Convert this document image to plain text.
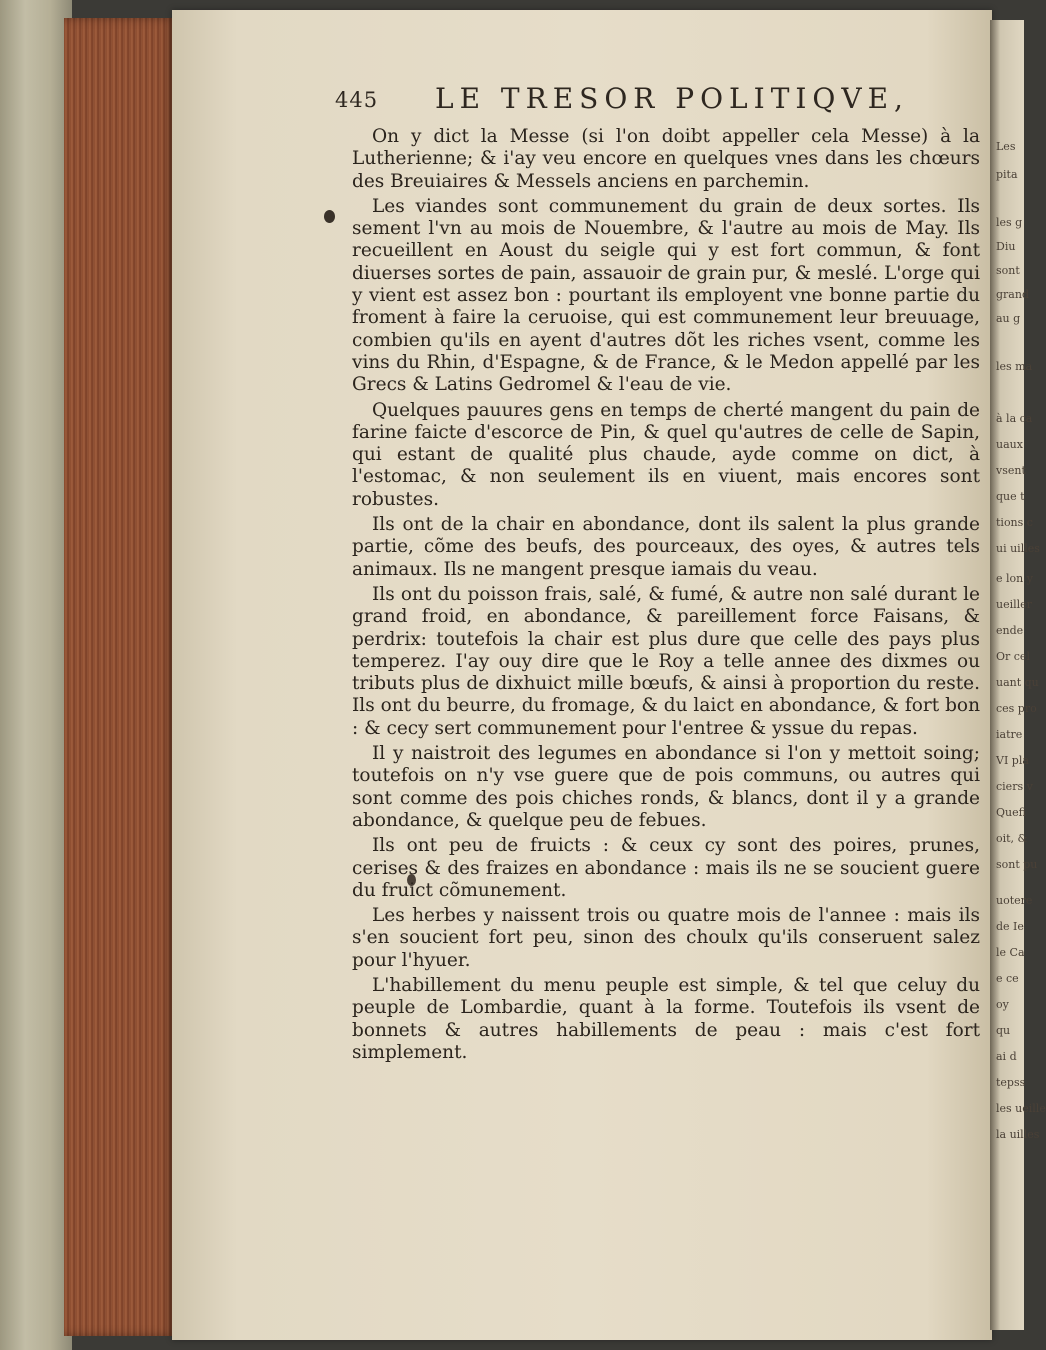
Les
pita
les g
Diu
sont
grand
au g
les ma
à la ca
uaux
vsent
que t
tions c
ui uilles
e lon y
ueiller
ende
Or cel
uant qu
ces pro
iatre
VI pla
ciers v
Quefi
oit, &
sont pu
uotere
de Ie
le Ca
e ce
oy
qu
ai d
tepss
les ueille
la uilles
445 LE TRESOR POLITIQVE,

On y dict la Messe (si l'on doibt appeller cela Messe) à la Lutherienne; & i'ay veu encore en quelques vnes dans les chœurs des Breuiaires & Messels anciens en parchemin.

Les viandes sont communement du grain de deux sortes. Ils sement l'vn au mois de Nouembre, & l'autre au mois de May. Ils recueillent en Aoust du seigle qui y est fort commun, & font diuerses sortes de pain, assauoir de grain pur, & meslé. L'orge qui y vient est assez bon : pourtant ils employent vne bonne partie du froment à faire la ceruoise, qui est communement leur breuuage, combien qu'ils en ayent d'autres dõt les riches vsent, comme les vins du Rhin, d'Espagne, & de France, & le Medon appellé par les Grecs & Latins Gedromel & l'eau de vie.

Quelques pauures gens en temps de cherté mangent du pain de farine faicte d'escorce de Pin, & quel qu'autres de celle de Sapin, qui estant de qualité plus chaude, ayde comme on dict, à l'estomac, & non seulement ils en viuent, mais encores sont robustes.

Ils ont de la chair en abondance, dont ils salent la plus grande partie, cõme des beufs, des pourceaux, des oyes, & autres tels animaux. Ils ne mangent presque iamais du veau.

Ils ont du poisson frais, salé, & fumé, & autre non salé durant le grand froid, en abondance, & pareillement force Faisans, & perdrix: toutefois la chair est plus dure que celle des pays plus temperez. I'ay ouy dire que le Roy a telle annee des dixmes ou tributs plus de dixhuict mille bœufs, & ainsi à proportion du reste. Ils ont du beurre, du fromage, & du laict en abondance, & fort bon : & cecy sert communement pour l'entree & yssue du repas.

Il y naistroit des legumes en abondance si l'on y mettoit soing; toutefois on n'y vse guere que de pois communs, ou autres qui sont comme des pois chiches ronds, & blancs, dont il y a grande abondance, & quelque peu de febues.

Ils ont peu de fruicts : & ceux cy sont des poires, prunes, cerises & des fraizes en abondance : mais ils ne se soucient guere du fruict cõmunement.

Les herbes y naissent trois ou quatre mois de l'annee : mais ils s'en soucient fort peu, sinon des choulx qu'ils conseruent salez pour l'hyuer.

L'habillement du menu peuple est simple, & tel que celuy du peuple de Lombardie, quant à la forme. Toutefois ils vsent de bonnets & autres habillements de peau : mais c'est fort simplement.
